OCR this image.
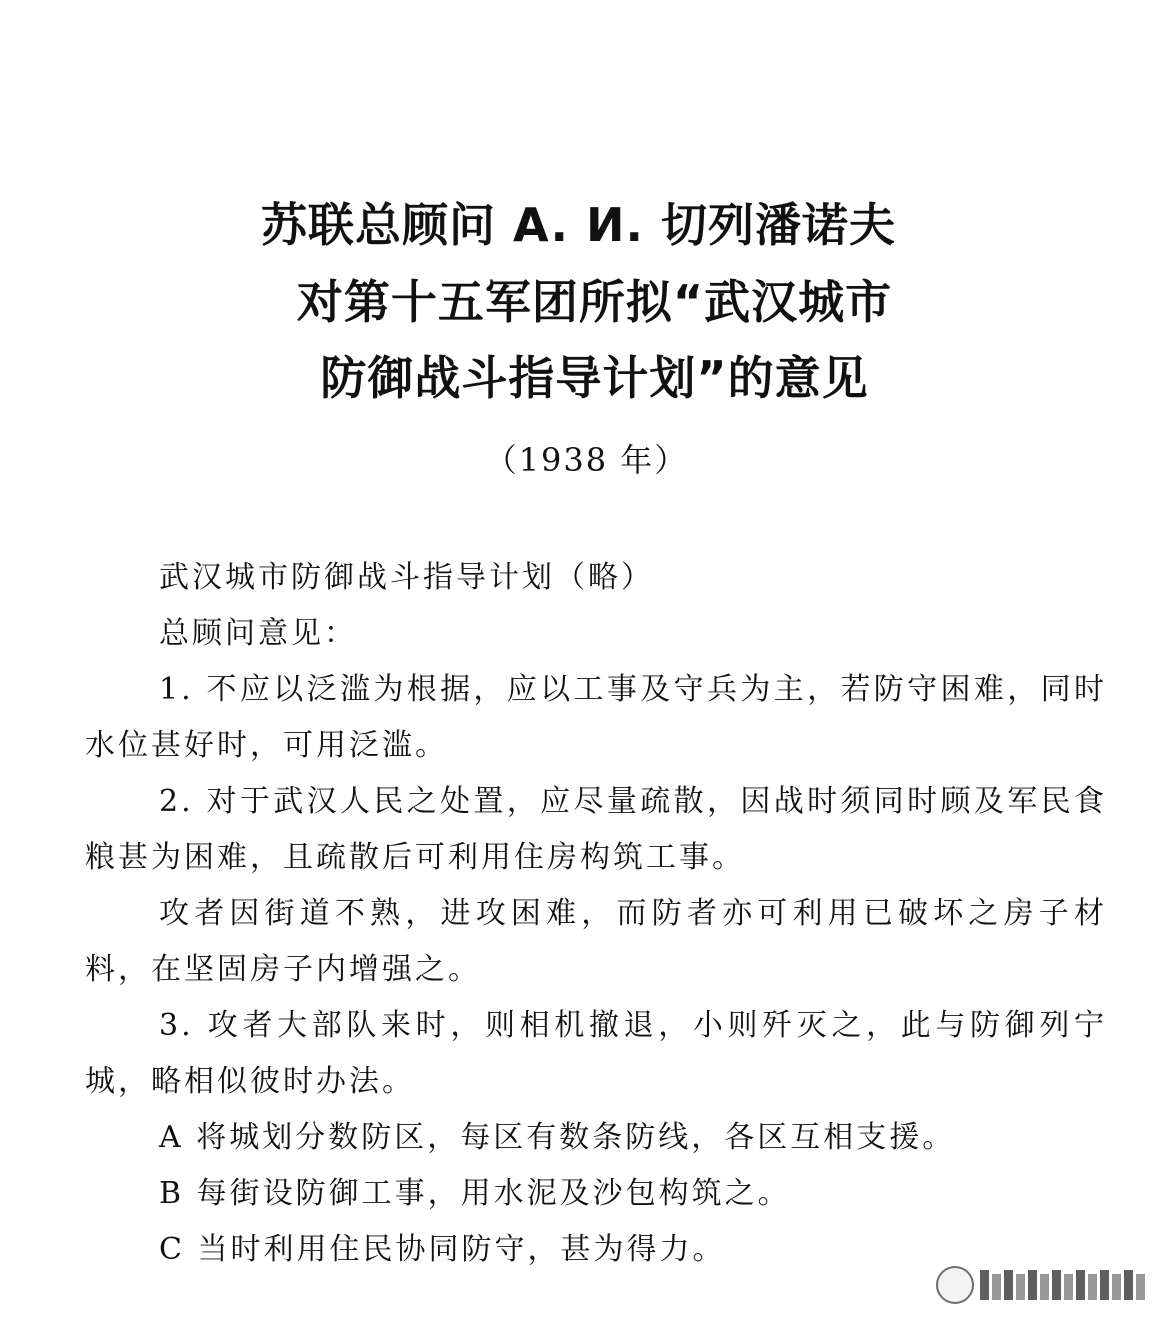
苏联总顾问 A. И. 切列潘诺夫
对第十五军团所拟“武汉城市
防御战斗指导计划”的意见
（1938 年）

武汉城市防御战斗指导计划（略）

总顾问意见：

1. 不应以泛滥为根据，应以工事及守兵为主，若防守困难，同时水位甚好时，可用泛滥。

2. 对于武汉人民之处置，应尽量疏散，因战时须同时顾及军民食粮甚为困难，且疏散后可利用住房构筑工事。

攻者因街道不熟，进攻困难，而防者亦可利用已破坏之房子材料，在坚固房子内增强之。

3. 攻者大部队来时，则相机撤退，小则歼灭之，此与防御列宁城，略相似彼时办法。

A 将城划分数防区，每区有数条防线，各区互相支援。

B 每街设防御工事，用水泥及沙包构筑之。

C 当时利用住民协同防守，甚为得力。
